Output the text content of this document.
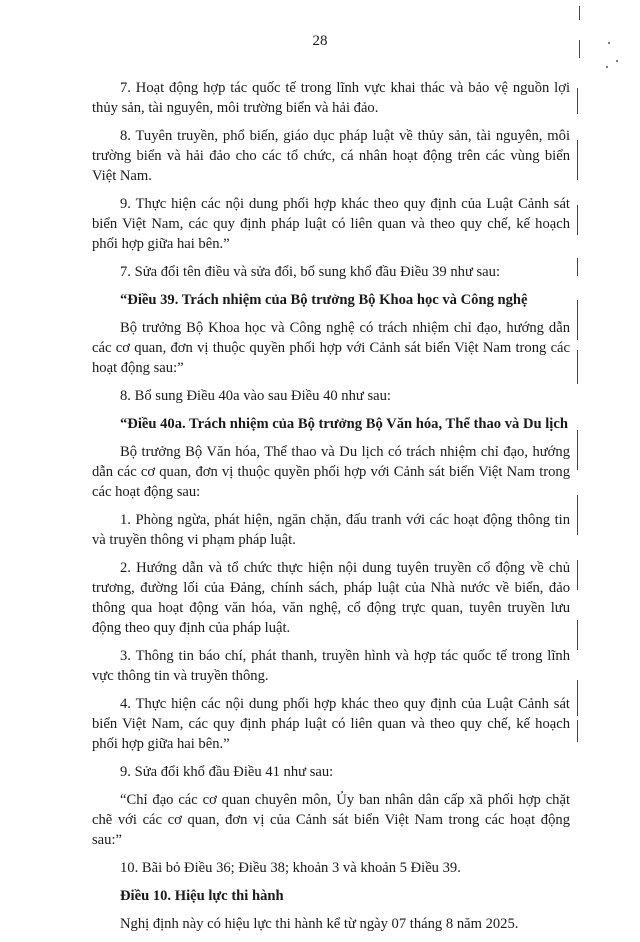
28

7. Hoạt động hợp tác quốc tế trong lĩnh vực khai thác và bảo vệ nguồn lợi thủy sản, tài nguyên, môi trường biển và hải đảo.

8. Tuyên truyền, phổ biến, giáo dục pháp luật về thủy sản, tài nguyên, môi trường biển và hải đảo cho các tổ chức, cá nhân hoạt động trên các vùng biển Việt Nam.

9. Thực hiện các nội dung phối hợp khác theo quy định của Luật Cảnh sát biển Việt Nam, các quy định pháp luật có liên quan và theo quy chế, kế hoạch phối hợp giữa hai bên.”

7. Sửa đổi tên điều và sửa đổi, bổ sung khổ đầu Điều 39 như sau:

“Điều 39. Trách nhiệm của Bộ trưởng Bộ Khoa học và Công nghệ

Bộ trưởng Bộ Khoa học và Công nghệ có trách nhiệm chỉ đạo, hướng dẫn các cơ quan, đơn vị thuộc quyền phối hợp với Cảnh sát biển Việt Nam trong các hoạt động sau:”

8. Bổ sung Điều 40a vào sau Điều 40 như sau:

“Điều 40a. Trách nhiệm của Bộ trưởng Bộ Văn hóa, Thể thao và Du lịch

Bộ trưởng Bộ Văn hóa, Thể thao và Du lịch có trách nhiệm chỉ đạo, hướng dẫn các cơ quan, đơn vị thuộc quyền phối hợp với Cảnh sát biển Việt Nam trong các hoạt động sau:

1. Phòng ngừa, phát hiện, ngăn chặn, đấu tranh với các hoạt động thông tin và truyền thông vi phạm pháp luật.

2. Hướng dẫn và tổ chức thực hiện nội dung tuyên truyền cổ động về chủ trương, đường lối của Đảng, chính sách, pháp luật của Nhà nước về biển, đảo thông qua hoạt động văn hóa, văn nghệ, cổ động trực quan, tuyên truyền lưu động theo quy định của pháp luật.

3. Thông tin báo chí, phát thanh, truyền hình và hợp tác quốc tế trong lĩnh vực thông tin và truyền thông.

4. Thực hiện các nội dung phối hợp khác theo quy định của Luật Cảnh sát biển Việt Nam, các quy định pháp luật có liên quan và theo quy chế, kế hoạch phối hợp giữa hai bên.”

9. Sửa đổi khổ đầu Điều 41 như sau:

“Chỉ đạo các cơ quan chuyên môn, Ủy ban nhân dân cấp xã phối hợp chặt chẽ với các cơ quan, đơn vị của Cảnh sát biển Việt Nam trong các hoạt động sau:”

10. Bãi bỏ Điều 36; Điều 38; khoản 3 và khoản 5 Điều 39.

Điều 10. Hiệu lực thi hành

Nghị định này có hiệu lực thi hành kể từ ngày 07 tháng 8 năm 2025.
